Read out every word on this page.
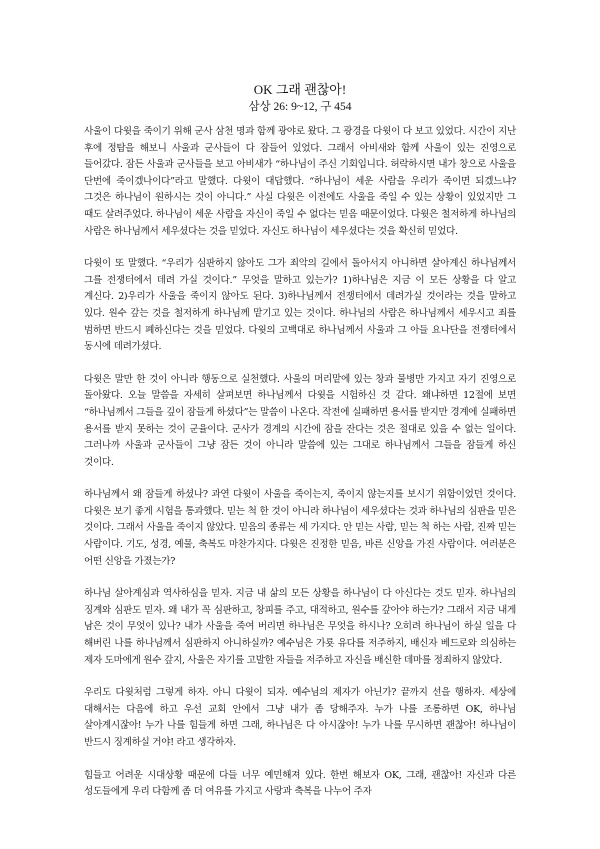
OK 그래 괜찮아!
삼상 26: 9~12, 구 454

사울이 다윗을 죽이기 위해 군사 삼천 명과 함께 광야로 왔다. 그 광경을 다윗이 다 보고 있었다. 시간이 지난 후에 정탐을 해보니 사울과 군사들이 다 잠들어 있었다. 그래서 아비새와 함께 사울이 있는 진영으로 들어갔다. 잠든 사울과 군사들을 보고 아비새가 “하나님이 주신 기회입니다. 허락하시면 내가 창으로 사울을 단번에 죽이겠나이다”라고 말했다. 다윗이 대답했다. “하나님이 세운 사람을 우리가 죽이면 되겠느냐? 그것은 하나님이 원하시는 것이 아니다.” 사실 다윗은 이전에도 사울을 죽일 수 있는 상황이 있었지만 그 때도 살려주었다. 하나님이 세운 사람을 자신이 죽일 수 없다는 믿음 때문이었다. 다윗은 철저하게 하나님의 사람은 하나님께서 세우셨다는 것을 믿었다. 자신도 하나님이 세우셨다는 것을 확신히 믿었다.

다윗이 또 말했다. “우리가 심판하지 않아도 그가 죄악의 길에서 돌아서지 아니하면 살아계신 하나님께서 그를 전쟁터에서 데려 가실 것이다.” 무엇을 말하고 있는가? 1)하나님은 지금 이 모든 상황을 다 알고 계신다. 2)우리가 사울을 죽이지 않아도 된다. 3)하나님께서 전쟁터에서 데려가실 것이라는 것을 말하고 있다. 원수 갚는 것을 철저하게 하나님께 맡기고 있는 것이다. 하나님의 사람은 하나님께서 세우시고 죄를 범하면 반드시 폐하신다는 것을 믿었다. 다윗의 고백대로 하나님께서 사울과 그 아들 요나단을 전쟁터에서 동시에 데려가셨다.

다윗은 말만 한 것이 아니라 행동으로 실천했다. 사울의 머리맡에 있는 창과 물병만 가지고 자기 진영으로 돌아왔다. 오늘 말씀을 자세히 살펴보면 하나님께서 다윗을 시험하신 것 같다. 왜냐하면 12절에 보면 “하나님께서 그들을 깊이 잠들게 하셨다”는 말씀이 나온다. 작전에 실패하면 용서를 받지만 경계에 실패하면 용서를 받지 못하는 것이 군율이다. 군사가 경계의 시간에 잠을 잔다는 것은 절대로 있을 수 없는 일이다. 그러나까 사울과 군사들이 그냥 잠든 것이 아니라 말씀에 있는 그대로 하나님께서 그들을 잠들게 하신 것이다.

하나님께서 왜 잠들게 하셨나? 과연 다윗이 사울을 죽이는지, 죽이지 않는지를 보시기 위함이었던 것이다. 다윗은 보기 좋게 시험을 통과했다. 믿는 척 한 것이 아니라 하나님이 세우셨다는 것과 하나님의 심판을 믿은 것이다. 그래서 사울을 죽이지 않았다. 믿음의 종류는 세 가지다. 안 믿는 사람, 믿는 척 하는 사람, 진짜 믿는 사람이다. 기도, 성경, 예물, 축복도 마찬가지다. 다윗은 진정한 믿음, 바른 신앙을 가진 사람이다. 여러분은 어떤 신앙을 가졌는가?

하나님 살아계심과 역사하심을 믿자. 지금 내 삶의 모든 상황을 하나님이 다 아신다는 것도 믿자. 하나님의 징계와 심판도 믿자. 왜 내가 꼭 심판하고, 창피를 주고, 대적하고, 원수를 갚아야 하는가? 그래서 지금 내게 남은 것이 무엇이 있나? 내가 사울을 죽여 버리면 하나님은 무엇을 하시나? 오히려 하나님이 하실 일을 다 해버린 나를 하나님께서 심판하지 아니하실까? 예수님은 가룟 유다를 저주하지, 배신자 베드로와 의심하는 제자 도마에게 원수 갚지, 사울은 자기를 고발한 자들을 저주하고 자신을 배신한 데마를 정죄하지 않았다.

우리도 다윗처럼 그렇게 하자. 아니 다윗이 되자. 예수님의 제자가 아닌가? 끝까지 선을 행하자. 세상에 대해서는 다음에 하고 우선 교회 안에서 그냥 내가 좀 당해주자. 누가 나를 조롱하면 OK, 하나님 살아계시잖아! 누가 나를 힘들게 하면 그래, 하나님은 다 아시잖아! 누가 나를 무시하면 괜찮아! 하나님이 반드시 징계하실 거야! 라고 생각하자.

힘들고 어려운 시대상황 때문에 다들 너무 예민해져 있다. 한번 해보자 OK, 그래, 괜찮아! 자신과 다른 성도들에게 우리 다함께 좀 더 여유를 가지고 사랑과 축복을 나누어 주자
